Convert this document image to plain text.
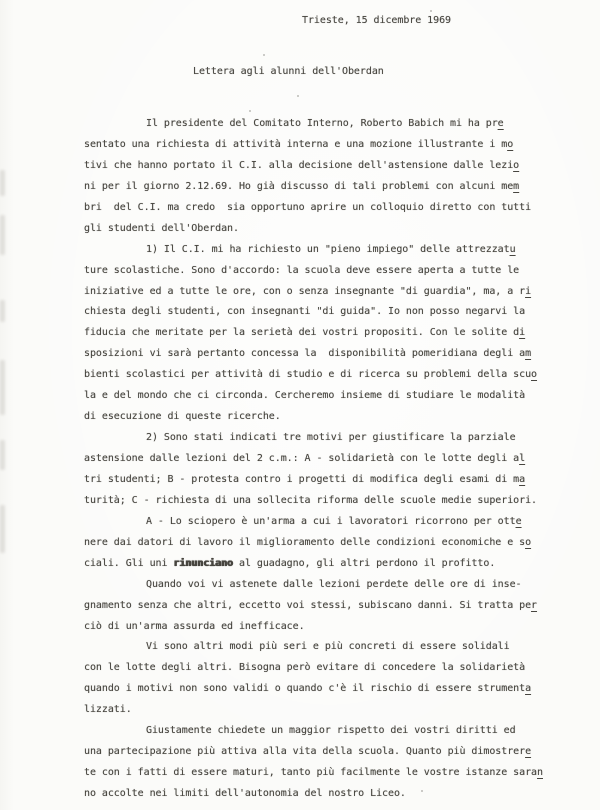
Trieste, 15 dicembre 1969
Lettera agli alunni dell'Oberdan
Il presidente del Comitato Interno, Roberto Babich mi ha pre
sentato una richiesta di attività interna e una mozione illustrante i mo
tivi che hanno portato il C.I. alla decisione dell'astensione dalle lezio
ni per il giorno 2.12.69. Ho già discusso di tali problemi con alcuni mem
bri  del C.I. ma credo  sia opportuno aprire un colloquio diretto con tutti
gli studenti dell'Oberdan.
1) Il C.I. mi ha richiesto un "pieno impiego" delle attrezzatu
ture scolastiche. Sono d'accordo: la scuola deve essere aperta a tutte le
iniziative ed a tutte le ore, con o senza insegnante "di guardia", ma, a ri
chiesta degli studenti, con insegnanti "di guida". Io non posso negarvi la
fiducia che meritate per la serietà dei vostri propositi. Con le solite di
sposizioni vi sarà pertanto concessa la  disponibilità pomeridiana degli am
bienti scolastici per attività di studio e di ricerca su problemi della scuo
la e del mondo che ci circonda. Cercheremo insieme di studiare le modalità
di esecuzione di queste ricerche.
2) Sono stati indicati tre motivi per giustificare la parziale
astensione dalle lezioni del 2 c.m.: A - solidarietà con le lotte degli al
tri studenti; B - protesta contro i progetti di modifica degli esami di ma
turità; C - richiesta di una sollecita riforma delle scuole medie superiori.
A - Lo sciopero è un'arma a cui i lavoratori ricorrono per otte
nere dai datori di lavoro il miglioramento delle condizioni economiche e so
ciali. Gli uni rinunciano al guadagno, gli altri perdono il profitto.
Quando voi vi astenete dalle lezioni perdete delle ore di inse-
gnamento senza che altri, eccetto voi stessi, subiscano danni. Si tratta per
ciò di un'arma assurda ed inefficace.
Vi sono altri modi più seri e più concreti di essere solidali
con le lotte degli altri. Bisogna però evitare di concedere la solidarietà
quando i motivi non sono validi o quando c'è il rischio di essere strumenta
lizzati.
Giustamente chiedete un maggior rispetto dei vostri diritti ed
una partecipazione più attiva alla vita della scuola. Quanto più dimostrere
te con i fatti di essere maturi, tanto più facilmente le vostre istanze saran
no accolte nei limiti dell'autonomia del nostro Liceo.
